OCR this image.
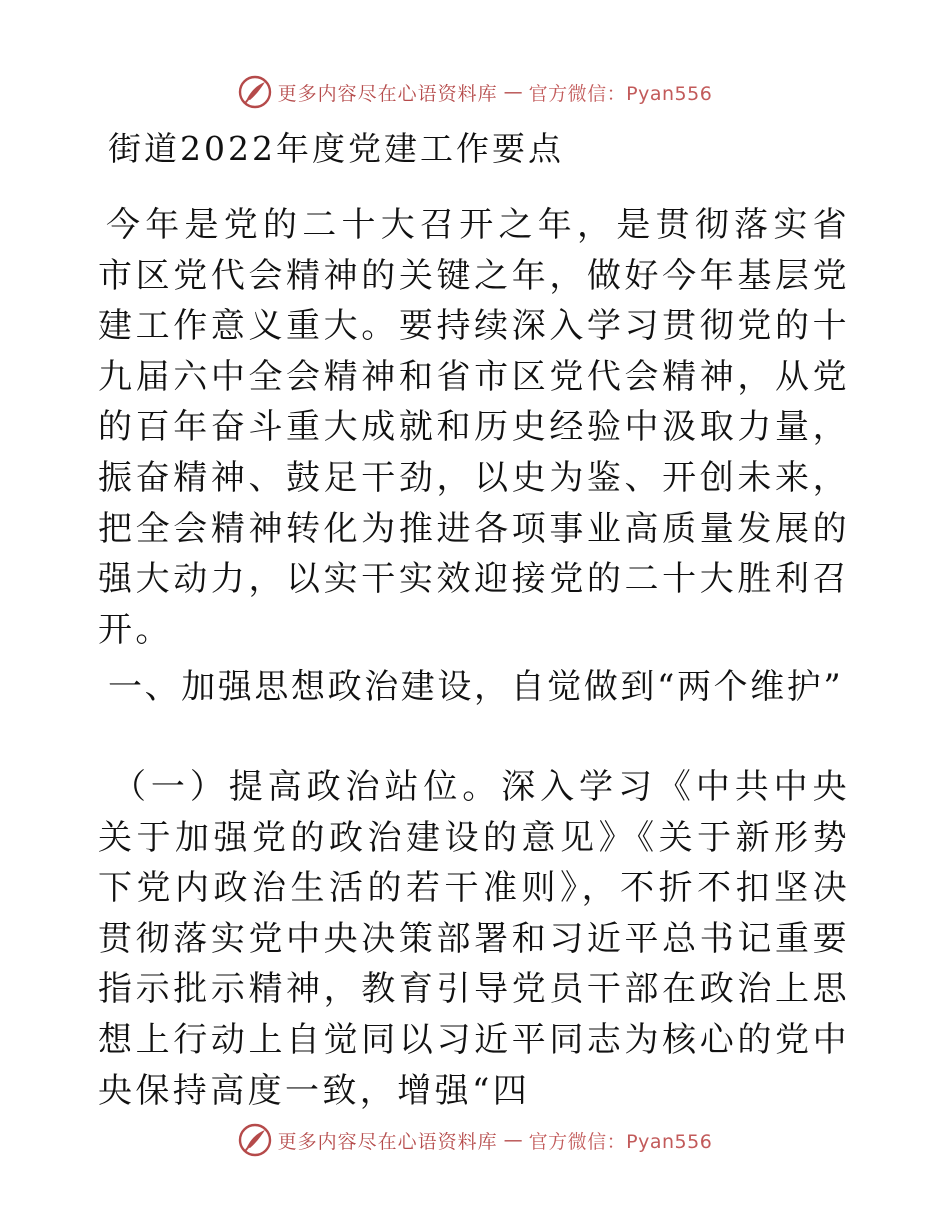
更多内容尽在心语资料库 — 官方微信：Pyan556
街道2022年度党建工作要点

今年是党的二十大召开之年，是贯彻落实省市区党代会精神的关键之年，做好今年基层党建工作意义重大。要持续深入学习贯彻党的十九届六中全会精神和省市区党代会精神，从党的百年奋斗重大成就和历史经验中汲取力量，振奋精神、鼓足干劲，以史为鉴、开创未来，把全会精神转化为推进各项事业高质量发展的强大动力，以实干实效迎接党的二十大胜利召开。

一、加强思想政治建设，自觉做到“两个维护”

（一）提高政治站位。深入学习《中共中央关于加强党的政治建设的意见》《关于新形势下党内政治生活的若干准则》，不折不扣坚决贯彻落实党中央决策部署和习近平总书记重要指示批示精神，教育引导党员干部在政治上思想上行动上自觉同以习近平同志为核心的党中央保持高度一致，增强“四

更多内容尽在心语资料库 — 官方微信：Pyan556
